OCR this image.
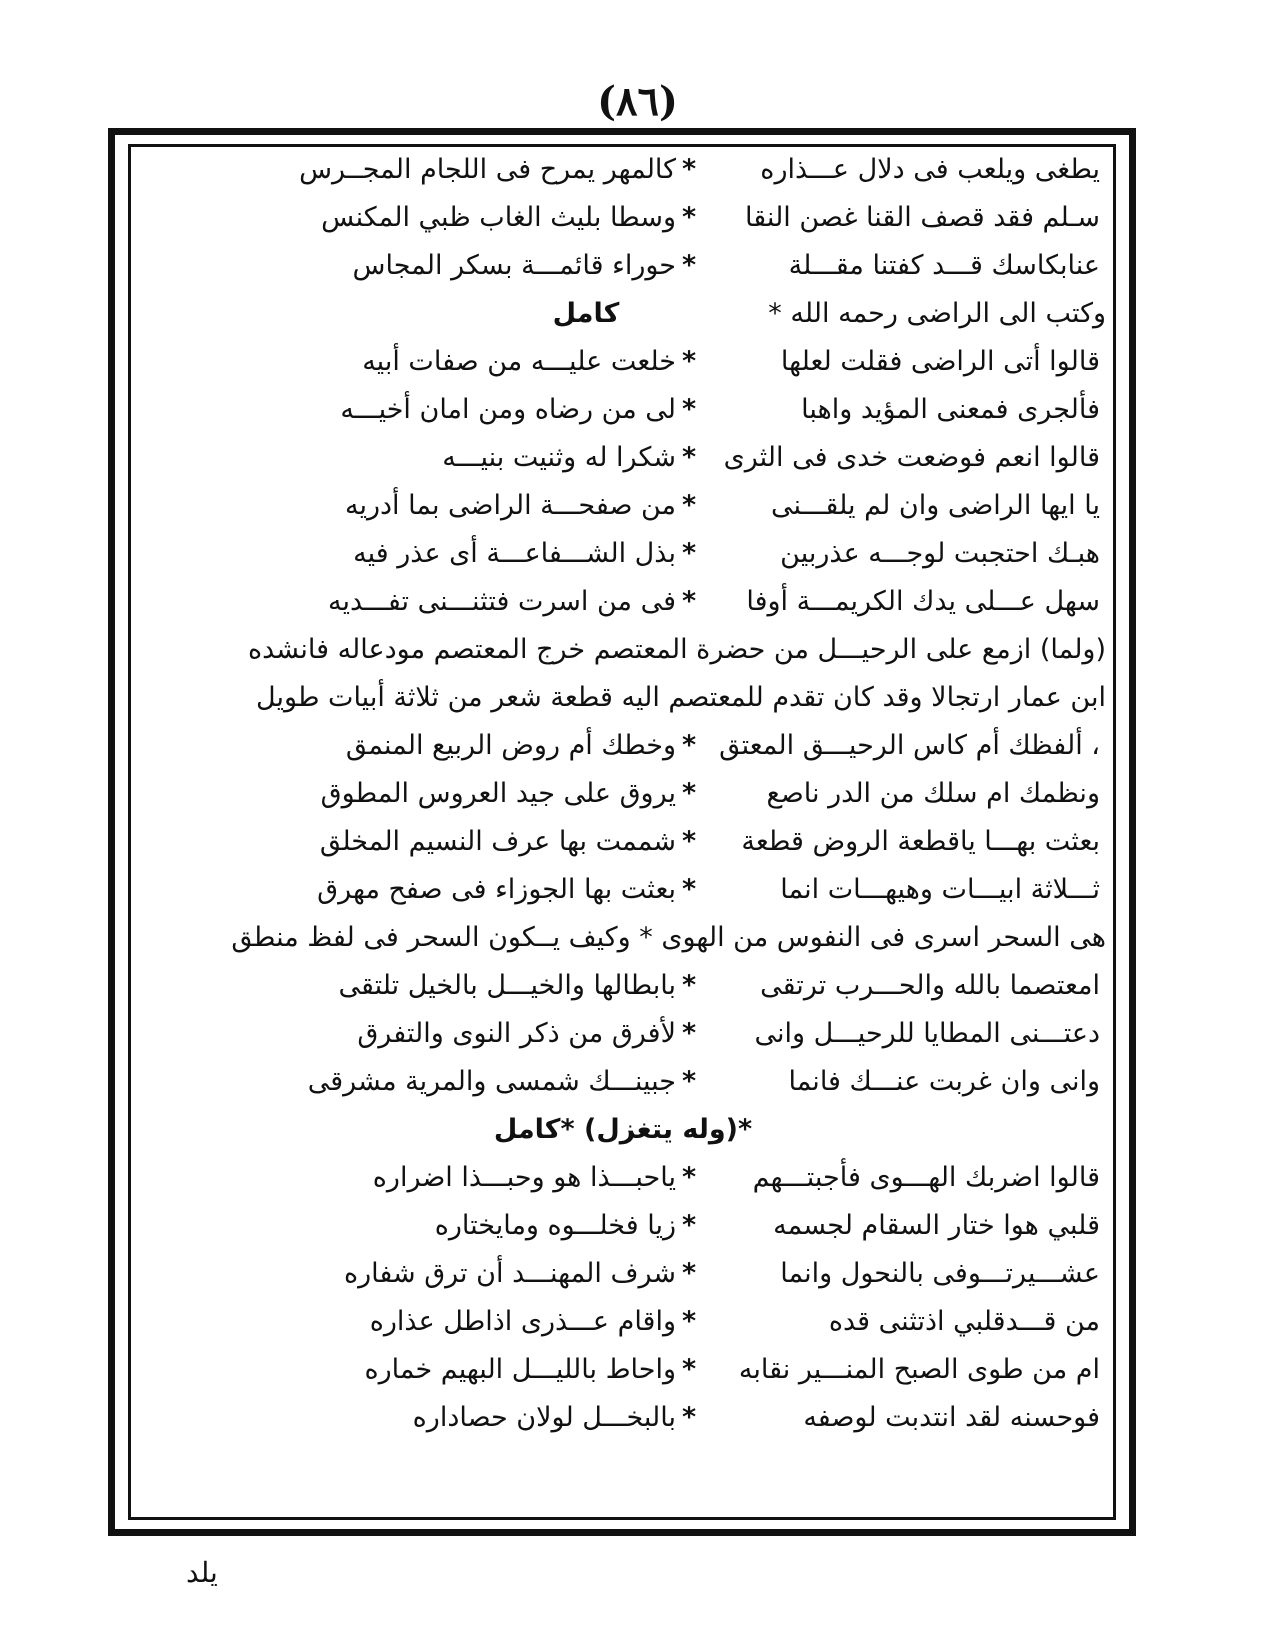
(٨٦)
يطغى ويلعب فى دلال عـــذاره
*
كالمهر يمرح فى اللجام المجــرس
سـلم فقد قصف القنا غصن النقا
*
وسطا بليث الغاب ظبي المكنس
عنابكاسك قـــد كفتنا مقـــلة
*
حوراء قائمـــة بسكر المجاس
وكتب الى الراضى رحمه الله *
كامل
قالوا أتى الراضى فقلت لعلها
*
خلعت عليـــه من صفات أبيه
فألجرى فمعنى المؤيد واهبا
*
لى من رضاه ومن امان أخيـــه
قالوا انعم فوضعت خدى فى الثرى
*
شكرا له وثنيت بنيـــه
يا ايها الراضى وان لم يلقـــنى
*
من صفحـــة الراضى بما أدريه
هبـك احتجبت لوجـــه عذربين
*
بذل الشـــفاعـــة أى عذر فيه
سهل عـــلى يدك الكريمـــة أوفا
*
فى من اسرت فتثنـــنى تفـــديه
(ولما) ازمع على الرحيـــل من حضرة المعتصم خرج المعتصم مودعاله فانشده
ابن عمار ارتجالا وقد كان تقدم للمعتصم اليه قطعة شعر من ثلاثة أبيات طويل
، ألفظك أم كاس الرحيـــق المعتق
*
وخطك أم روض الربيع المنمق
ونظمك ام سلك من الدر ناصع
*
يروق على جيد العروس المطوق
بعثت بهـــا ياقطعة الروض قطعة
*
شممت بها عرف النسيم المخلق
ثـــلاثة ابيـــات وهيهـــات انما
*
بعثت بها الجوزاء فى صفح مهرق
هى السحر اسرى فى النفوس من الهوى * وكيف يــكون السحر فى لفظ منطق
امعتصما بالله والحـــرب ترتقى
*
بابطالها والخيـــل بالخيل تلتقى
دعتـــنى المطايا للرحيـــل وانى
*
لأفرق من ذكر النوى والتفرق
وانى وان غربت عنـــك فانما
*
جبينـــك شمسى والمرية مشرقى
*(وله يتغزل) *كامل
قالوا اضربك الهـــوى فأجبتـــهم
*
ياحبـــذا هو وحبـــذا اضراره
قلبي هوا ختار السقام لجسمه
*
زيا فخلـــوه ومايختاره
عشـــيرتـــوفى بالنحول وانما
*
شرف المهنـــد أن ترق شفاره
من قـــدقلبي اذتثنى قده
*
واقام عـــذرى اذاطل عذاره
ام من طوى الصبح المنـــير نقابه
*
واحاط بالليـــل البهيم خماره
فوحسنه لقد انتدبت لوصفه
*
بالبخـــل لولان حصاداره
يلد
